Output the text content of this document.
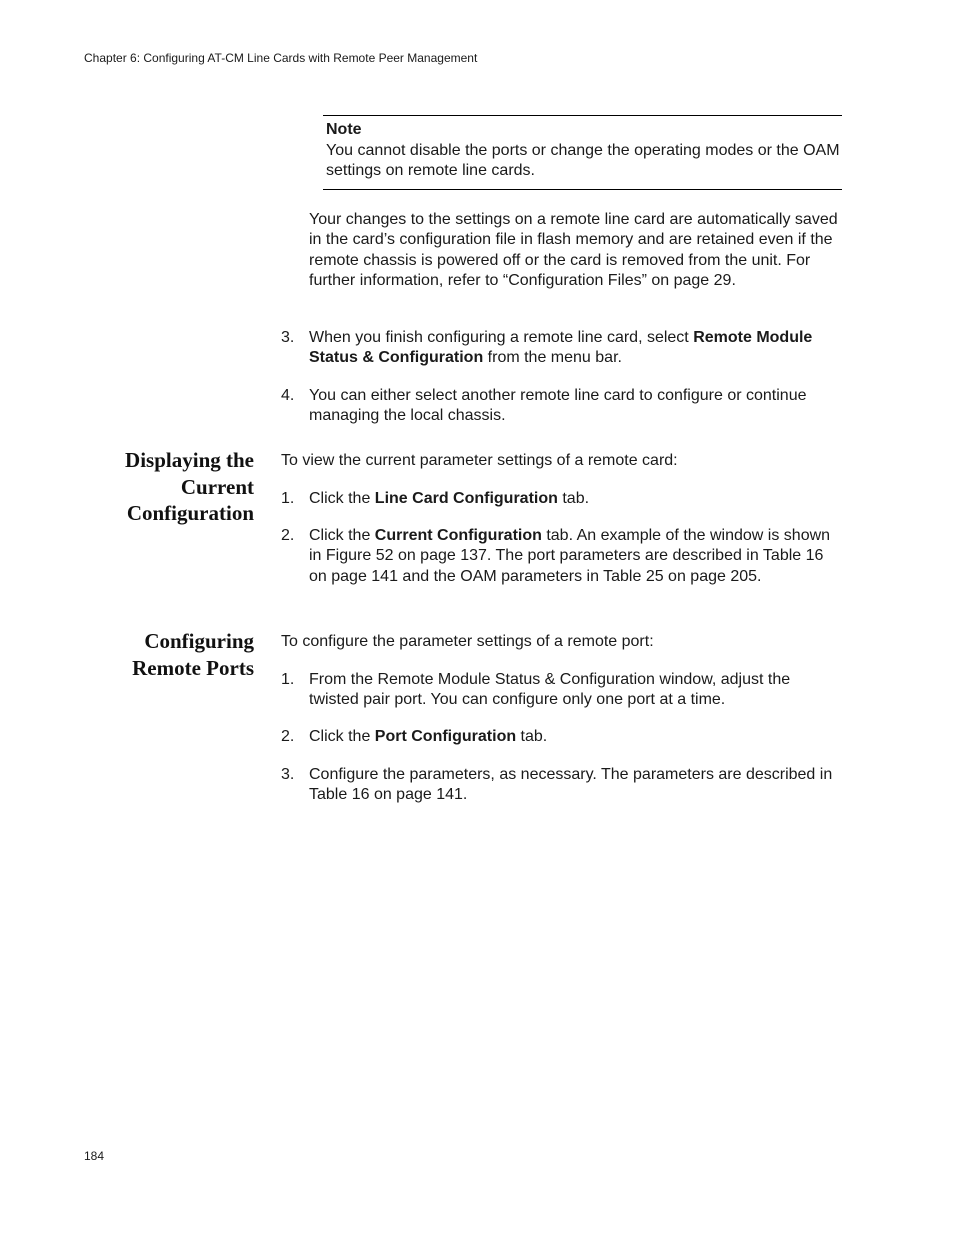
Chapter 6: Configuring AT-CM Line Cards with Remote Peer Management
Note
You cannot disable the ports or change the operating modes or the OAM settings on remote line cards.
Your changes to the settings on a remote line card are automatically saved in the card’s configuration file in flash memory and are retained even if the remote chassis is powered off or the card is removed from the unit. For further information, refer to “Configuration Files” on page 29.
3. When you finish configuring a remote line card, select Remote Module Status & Configuration from the menu bar.
4. You can either select another remote line card to configure or continue managing the local chassis.
Displaying the
Current
Configuration
To view the current parameter settings of a remote card:
1. Click the Line Card Configuration tab.
2. Click the Current Configuration tab. An example of the window is shown in Figure 52 on page 137. The port parameters are described in Table 16 on page 141 and the OAM parameters in Table 25 on page 205.
Configuring
Remote Ports
To configure the parameter settings of a remote port:
1. From the Remote Module Status & Configuration window, adjust the twisted pair port. You can configure only one port at a time.
2. Click the Port Configuration tab.
3. Configure the parameters, as necessary. The parameters are described in Table 16 on page 141.
184
